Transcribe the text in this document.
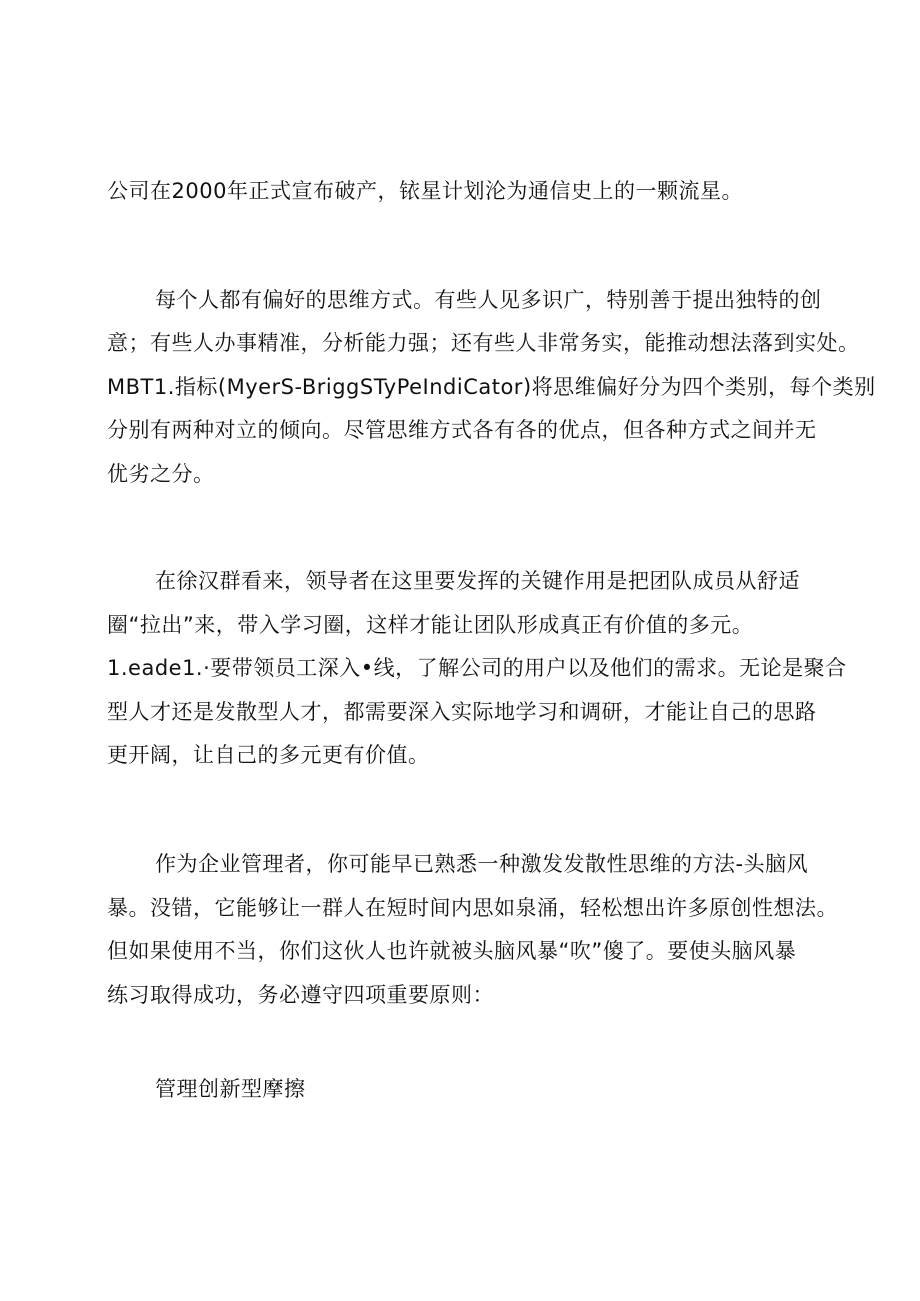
公司在2000年正式宣布破产，铱星计划沦为通信史上的一颗流星。
每个人都有偏好的思维方式。有些人见多识广，特别善于提出独特的创
意；有些人办事精准，分析能力强；还有些人非常务实，能推动想法落到实处。
MBT1.指标(MyerS-BriggSTyPeIndiCator)将思维偏好分为四个类别，每个类别
分别有两种对立的倾向。尽管思维方式各有各的优点，但各种方式之间并无
优劣之分。
在徐汉群看来，领导者在这里要发挥的关键作用是把团队成员从舒适
圈“拉出”来，带入学习圈，这样才能让团队形成真正有价值的多元。
1.eade1.·要带领员工深入•线，了解公司的用户以及他们的需求。无论是聚合
型人才还是发散型人才，都需要深入实际地学习和调研，才能让自己的思路
更开阔，让自己的多元更有价值。
作为企业管理者，你可能早已熟悉一种激发发散性思维的方法-头脑风
暴。没错，它能够让一群人在短时间内思如泉涌，轻松想出许多原创性想法。
但如果使用不当，你们这伙人也许就被头脑风暴“吹”傻了。要使头脑风暴
练习取得成功，务必遵守四项重要原则：
管理创新型摩擦
